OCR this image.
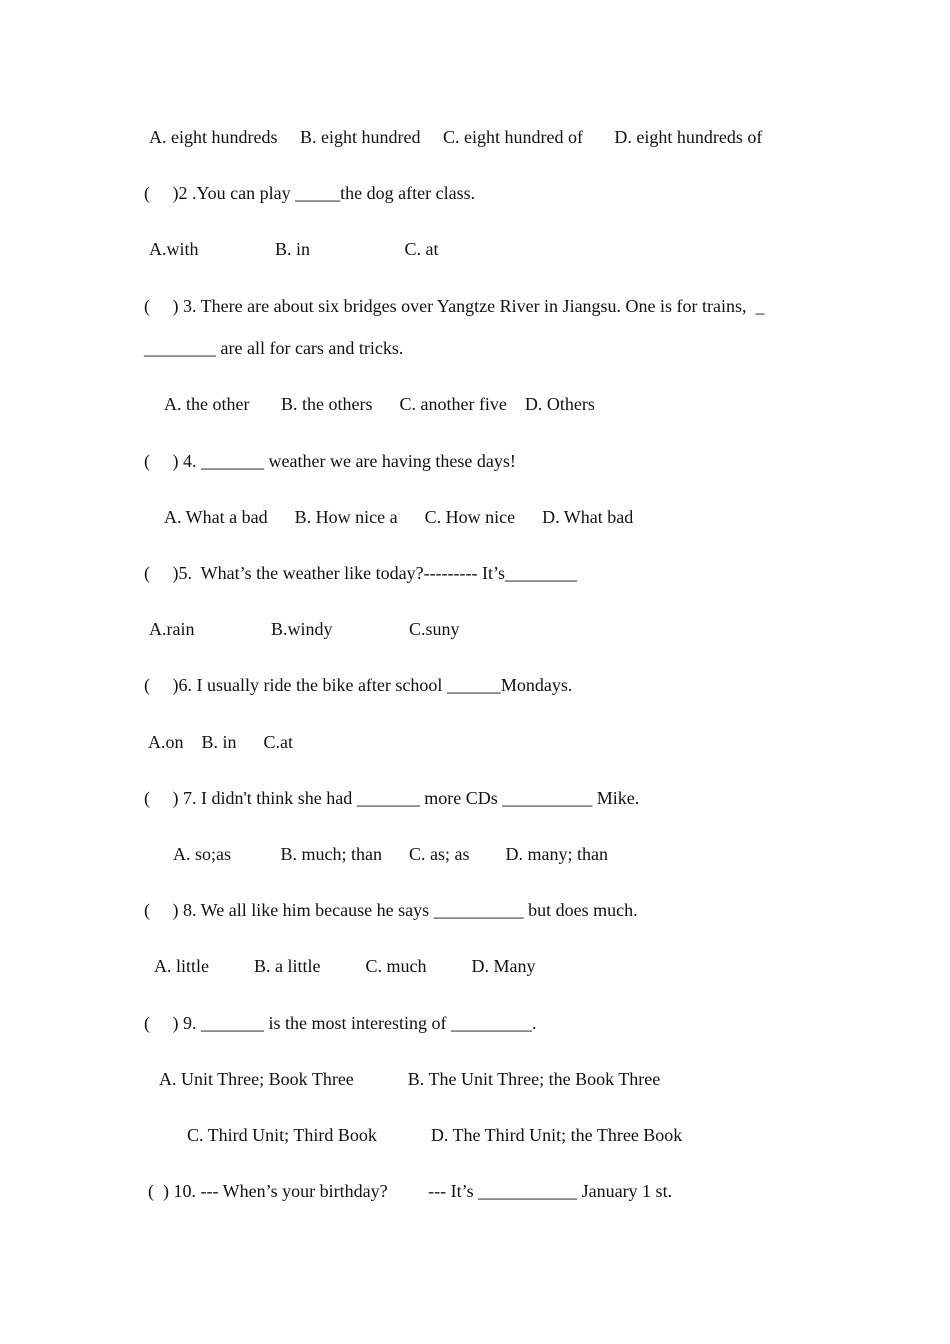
A. eight hundreds     B. eight hundred     C. eight hundred of       D. eight hundreds of
(     )2 .You can play _____the dog after class.
A.with                 B. in                     C. at
(     ) 3. There are about six bridges over Yangtze River in Jiangsu. One is for trains,  _
________ are all for cars and tricks.
A. the other       B. the others      C. another five    D. Others
(     ) 4. _______ weather we are having these days!
A. What a bad      B. How nice a      C. How nice      D. What bad
(     )5.  What’s the weather like today?--------- It’s________
A.rain                 B.windy                 C.suny
(     )6. I usually ride the bike after school ______Mondays.
A.on    B. in      C.at
(     ) 7. I didn't think she had _______ more CDs __________ Mike.
A. so;as           B. much; than      C. as; as        D. many; than
(     ) 8. We all like him because he says __________ but does much.
A. little          B. a little          C. much          D. Many
(     ) 9. _______ is the most interesting of _________.
A. Unit Three; Book Three            B. The Unit Three; the Book Three
C. Third Unit; Third Book            D. The Third Unit; the Three Book
(  ) 10. --- When’s your birthday?         --- It’s ___________ January 1 st.
